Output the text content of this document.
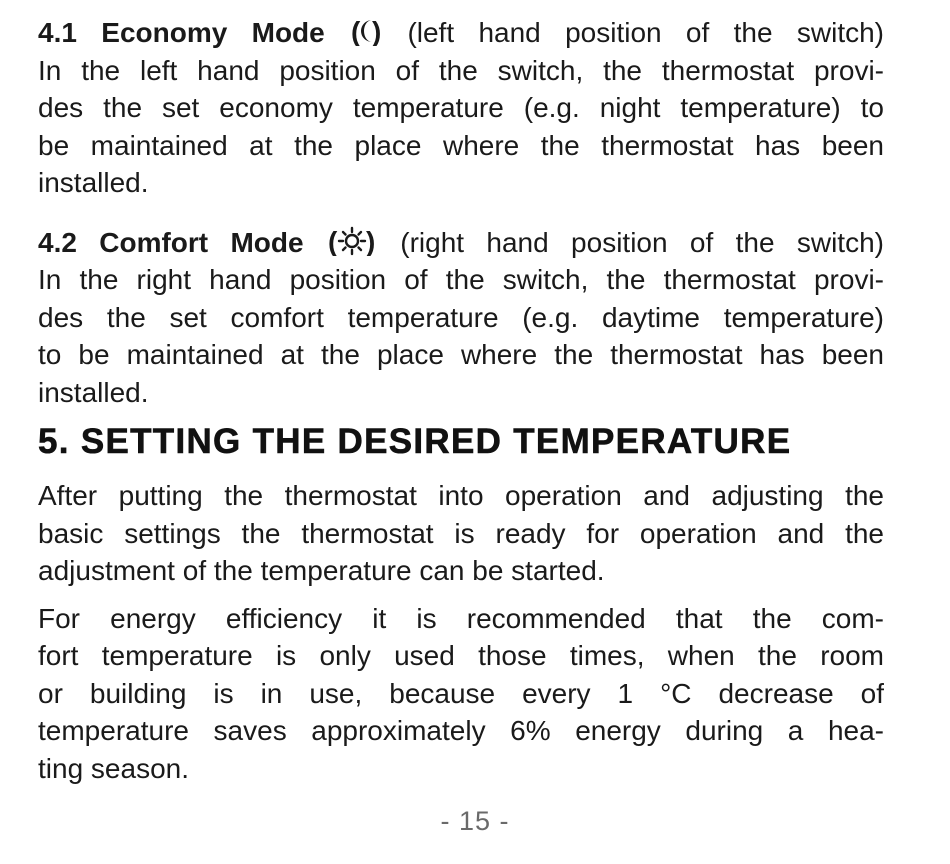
4.1 Economy Mode ( ) (left hand position of the switch)
In the left hand position of the switch, the thermostat provi-
des the set economy temperature (e.g. night temperature) to
be maintained at the place where the thermostat has been
installed.
4.2 Comfort Mode ( ) (right hand position of the switch)
In the right hand position of the switch, the thermostat provi-
des the set comfort temperature (e.g. daytime temperature)
to be maintained at the place where the thermostat has been
installed.
5. SETTING THE DESIRED TEMPERATURE
After putting the thermostat into operation and adjusting the
basic settings the thermostat is ready for operation and the
adjustment of the temperature can be started.
For energy efficiency it is recommended that the com-
fort temperature is only used those times, when the room
or building is in use, because every 1 °C decrease of
temperature saves approximately 6% energy during a hea-
ting season.
- 15 -
